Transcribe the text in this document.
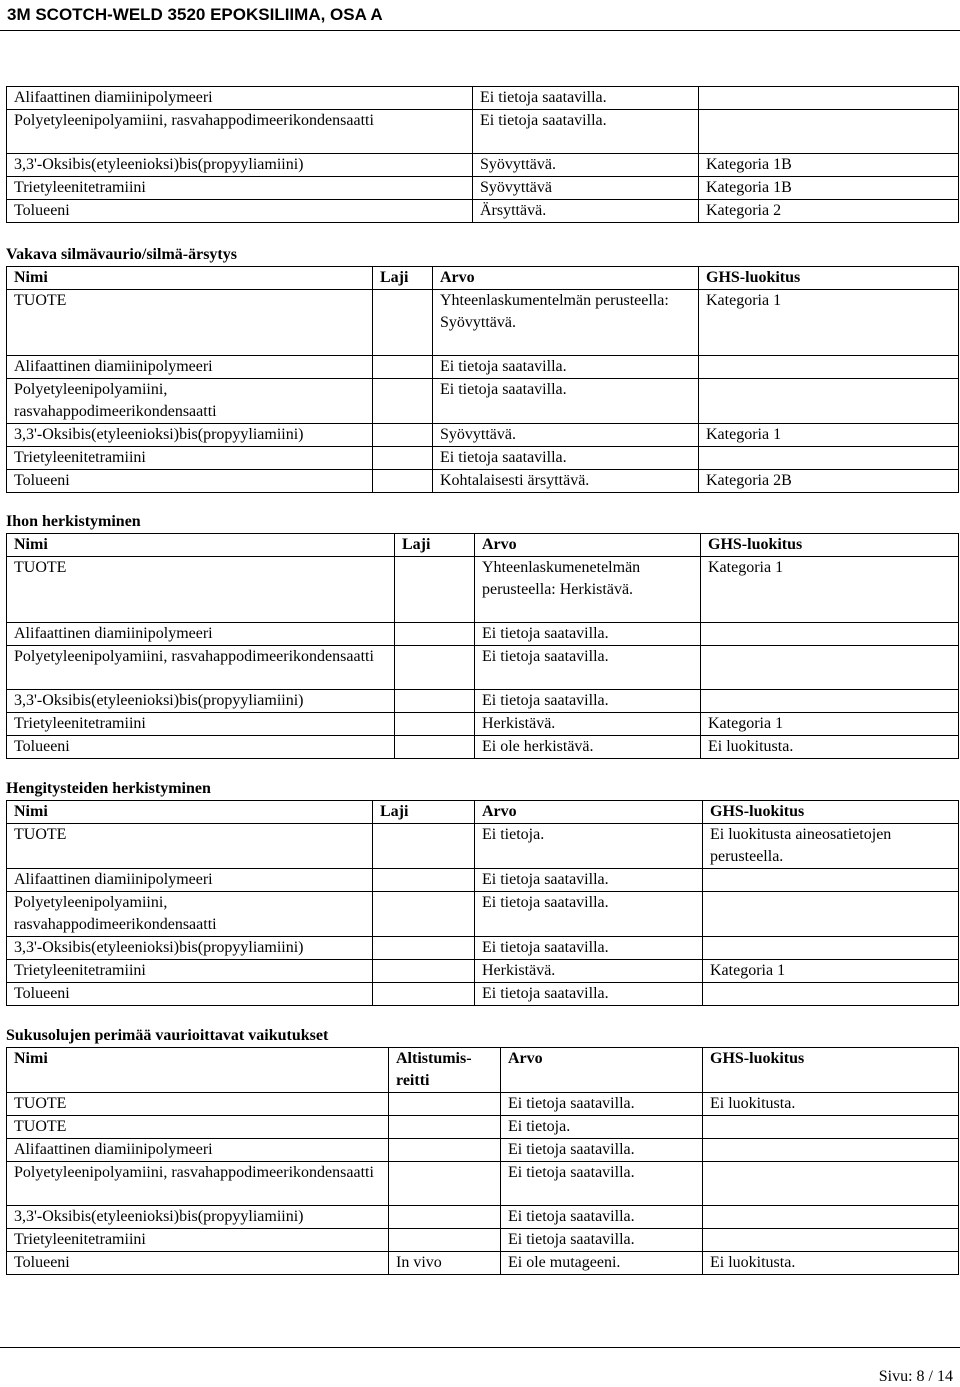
3M SCOTCH-WELD 3520 EPOKSILIIMA, OSA A
Alifaattinen diamiinipolymeeri	Ei tietoja saatavilla.	
Polyetyleenipolyamiini, rasvahappodimeerikondensaatti	Ei tietoja saatavilla.	
3,3'-Oksibis(etyleenioksi)bis(propyyliamiini)	Syövyttävä.	Kategoria 1B
Trietyleenitetramiini	Syövyttävä	Kategoria 1B
Tolueeni	Ärsyttävä.	Kategoria 2
Vakava silmävaurio/silmä-ärsytys
Nimi	Laji	Arvo	GHS-luokitus
TUOTE		Yhteenlaskumentelmän perusteella: Syövyttävä.	Kategoria 1
Alifaattinen diamiinipolymeeri		Ei tietoja saatavilla.	
Polyetyleenipolyamiini, rasvahappodimeerikondensaatti		Ei tietoja saatavilla.	
3,3'-Oksibis(etyleenioksi)bis(propyyliamiini)		Syövyttävä.	Kategoria 1
Trietyleenitetramiini		Ei tietoja saatavilla.	
Tolueeni		Kohtalaisesti ärsyttävä.	Kategoria 2B
Ihon herkistyminen
Nimi	Laji	Arvo	GHS-luokitus
TUOTE		Yhteenlaskumenetelmän perusteella: Herkistävä.	Kategoria 1
Alifaattinen diamiinipolymeeri		Ei tietoja saatavilla.	
Polyetyleenipolyamiini, rasvahappodimeerikondensaatti		Ei tietoja saatavilla.	
3,3'-Oksibis(etyleenioksi)bis(propyyliamiini)		Ei tietoja saatavilla.	
Trietyleenitetramiini		Herkistävä.	Kategoria 1
Tolueeni		Ei ole herkistävä.	Ei luokitusta.
Hengitysteiden herkistyminen
Nimi	Laji	Arvo	GHS-luokitus
TUOTE		Ei tietoja.	Ei luokitusta aineosatietojen perusteella.
Alifaattinen diamiinipolymeeri		Ei tietoja saatavilla.	
Polyetyleenipolyamiini, rasvahappodimeerikondensaatti		Ei tietoja saatavilla.	
3,3'-Oksibis(etyleenioksi)bis(propyyliamiini)		Ei tietoja saatavilla.	
Trietyleenitetramiini		Herkistävä.	Kategoria 1
Tolueeni		Ei tietoja saatavilla.	
Sukusolujen perimää vaurioittavat vaikutukset
Nimi	Altistumis-reitti	Arvo	GHS-luokitus
TUOTE		Ei tietoja saatavilla.	Ei luokitusta.
TUOTE		Ei tietoja.	
Alifaattinen diamiinipolymeeri		Ei tietoja saatavilla.	
Polyetyleenipolyamiini, rasvahappodimeerikondensaatti		Ei tietoja saatavilla.	
3,3'-Oksibis(etyleenioksi)bis(propyyliamiini)		Ei tietoja saatavilla.	
Trietyleenitetramiini		Ei tietoja saatavilla.	
Tolueeni	In vivo	Ei ole mutageeni.	Ei luokitusta.
Sivu: 8 / 14
